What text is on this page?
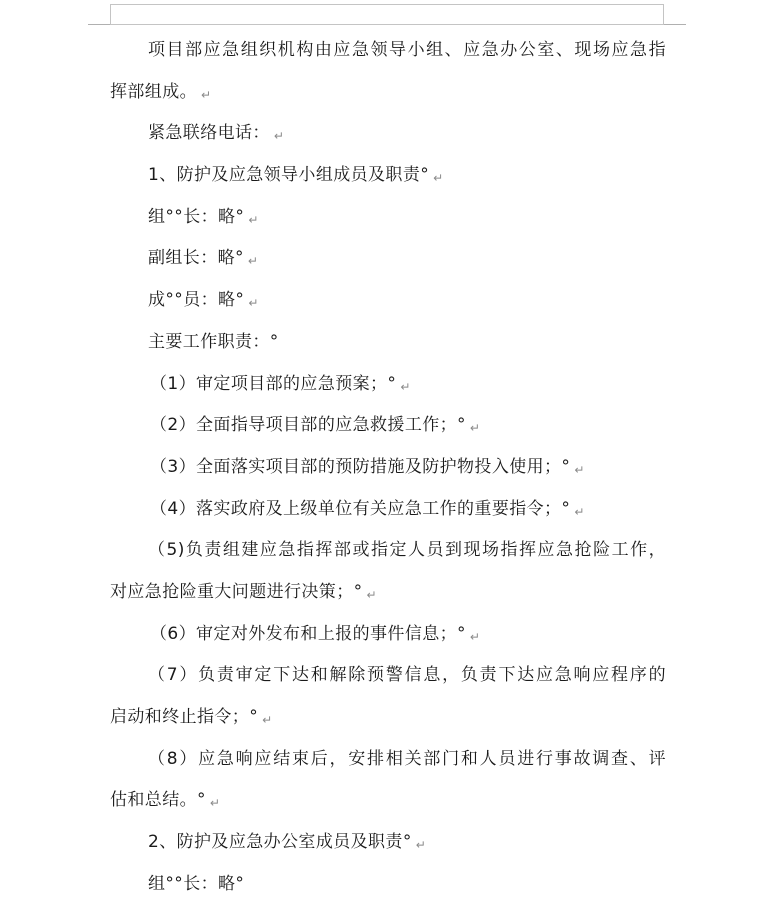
项目部应急组织机构由应急领导小组、应急办公室、现场应急指
挥部组成。 ↵
紧急联络电话： ↵
1、防护及应急领导小组成员及职责° ↵
组°°长：略° ↵
副组长：略° ↵
成°°员：略° ↵
主要工作职责：°
（1）审定项目部的应急预案；° ↵
（2）全面指导项目部的应急救援工作；° ↵
（3）全面落实项目部的预防措施及防护物投入使用；° ↵
（4）落实政府及上级单位有关应急工作的重要指令；° ↵
（5)负责组建应急指挥部或指定人员到现场指挥应急抢险工作，
对应急抢险重大问题进行决策；° ↵
（6）审定对外发布和上报的事件信息；° ↵
（7）负责审定下达和解除预警信息，负责下达应急响应程序的
启动和终止指令；° ↵
（8）应急响应结束后，安排相关部门和人员进行事故调查、评
估和总结。° ↵
2、防护及应急办公室成员及职责° ↵
组°°长：略°
